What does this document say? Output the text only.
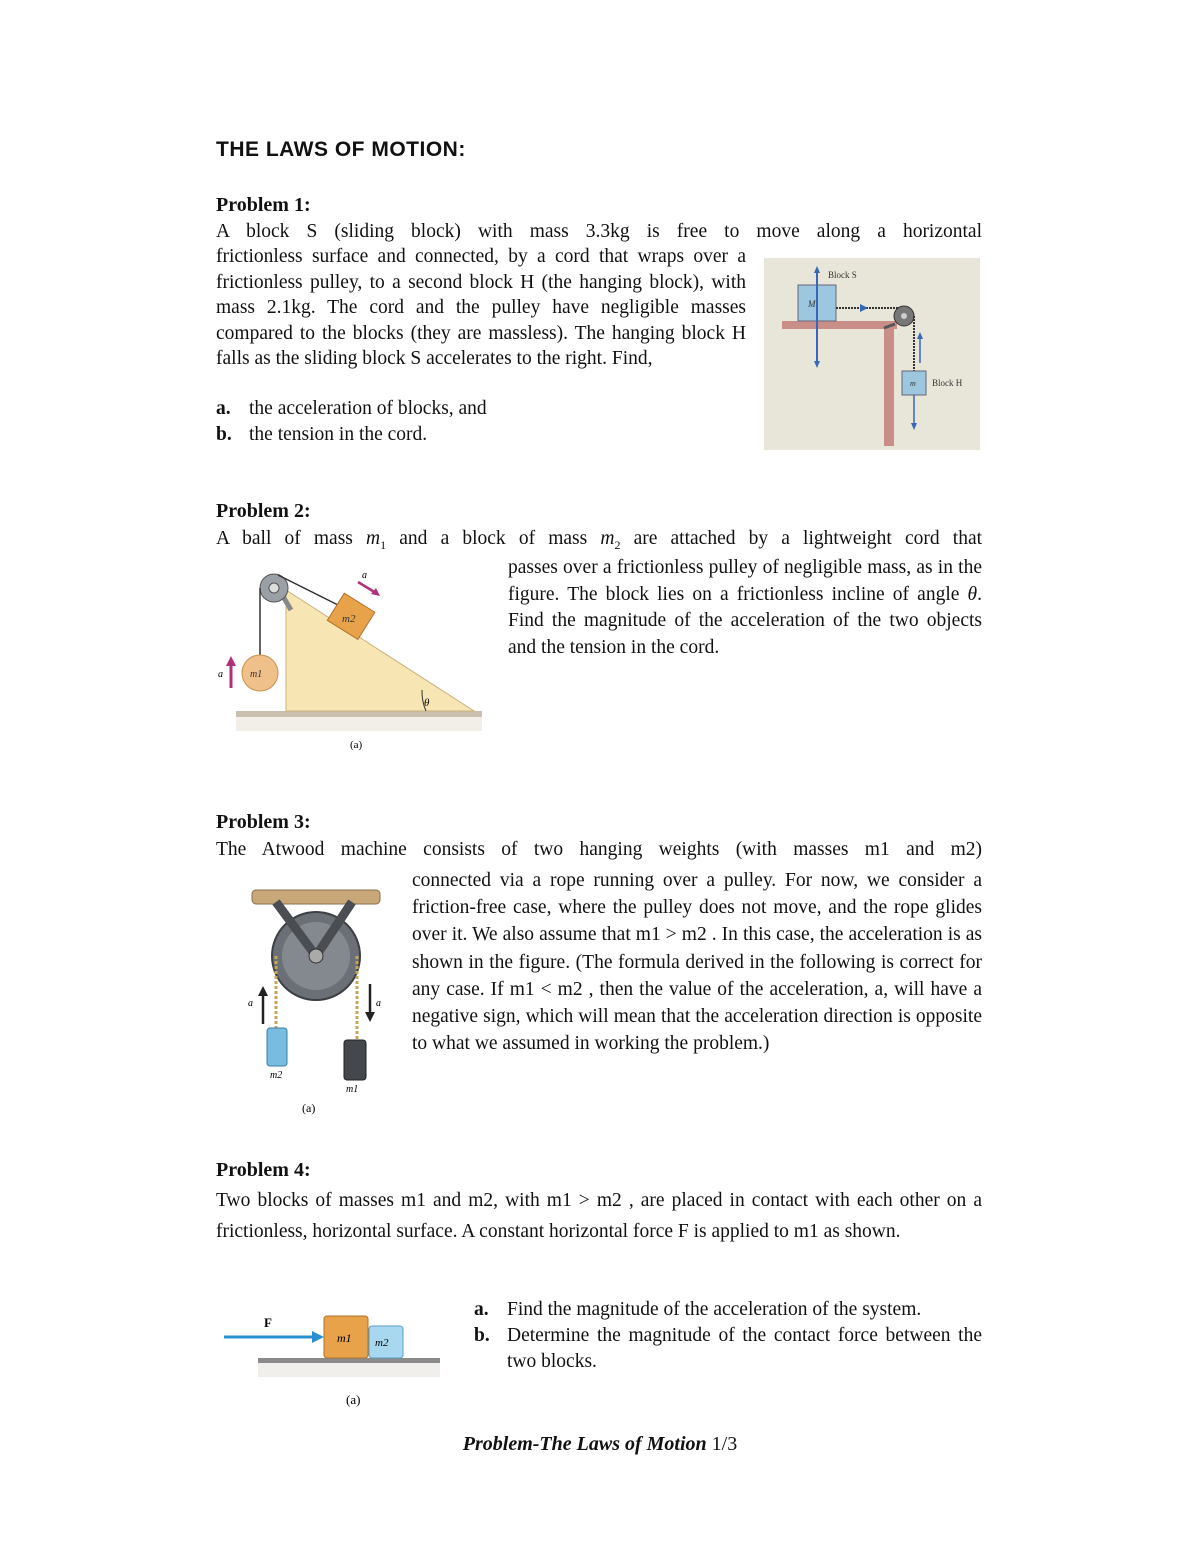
THE LAWS OF MOTION:
Problem 1:

A block S (sliding block) with mass 3.3kg is free to move along a horizontal

frictionless surface and connected, by a cord that wraps over a frictionless pulley, to a second block H (the hanging block), with mass 2.1kg. The cord and the pulley have negligible masses compared to the blocks (they are massless). The hanging block H falls as the sliding block S accelerates to the right. Find,

a. the acceleration of blocks, and
b. the tension in the cord.
M
Block S
m Block H
Problem 2:

A ball of mass $m_1$ and a block of mass $m_2$ are attached by a lightweight cord that

passes over a frictionless pulley of negligible mass, as in the figure. The block lies on a frictionless incline of angle θ. Find the magnitude of the acceleration of the two objects and the tension in the cord.

θ
m2
a
m1
a
(a)
Problem 3:

The Atwood machine consists of two hanging weights (with masses m1 and m2)

connected via a rope running over a pulley. For now, we consider a friction-free case, where the pulley does not move, and the rope glides over it. We also assume that m1 > m2 . In this case, the acceleration is as shown in the figure. (The formula derived in the following is correct for any case. If m1 < m2 , then the value of the acceleration, a, will have a negative sign, which will mean that the acceleration direction is opposite to what we assumed in working the problem.)

m2
m1
a	a
(a)
Problem 4:

Two blocks of masses m1 and m2, with m1 > m2 , are placed in contact with each other on a frictionless, horizontal surface. A constant horizontal force F is applied to m1 as shown.

a. Find the magnitude of the acceleration of the system.
b. Determine the magnitude of the contact force between the two blocks.
F
m1 m2
(a)
Problem-The Laws of Motion 1/3
